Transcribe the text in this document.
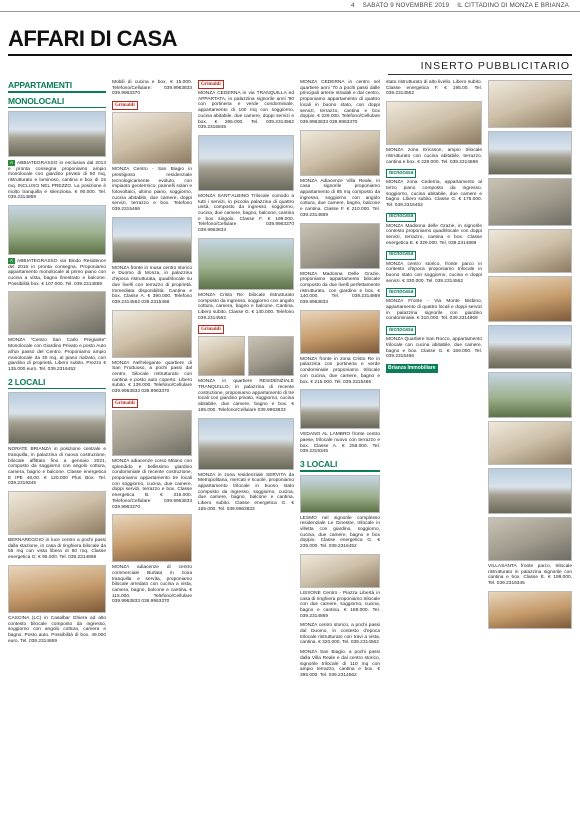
4 SABATO 9 NOVEMBRE 2019 IL CITTADINO DI MONZA E BRIANZA
AFFARI DI CASA
INSERTO PUBBLICITARIO
APPARTAMENTI
MONOLOCALI
A ABBIATEGRASSO in esclusiva dal 2013 e pronta consegna proponiamo ampio monolocale con giardino privato di 50 mq, ristrutturato e luminoso, cantina e box di 15 mq. INCLUSO NEL PREZZO. La posizione è molto tranquilla e silenziosa. € 90.000. Tel. 039.2314869
A ABBIATEGRASSO via Bindo Residence del 2015 in pronta consegna. Proponiamo appartamento monolocale al primo piano con cucina a vista, bagno finestrato e balcone. Possibilità box. € 107.000. Tel. 039.2314869
MONZA "Centro San Carlo Pregiante" Monolocale con Giardino Privato e posto Auto all'un passo del Centro. Proponiamo ampio monolocale da 40 mq, al piano rialzato, con giardino di proprietà. Libero subito. Prezzo € 135.000 euro. Tel. 039.2316452
2 LOCALI
NORATE BRIANZA in posizione centrale e tranquilla, in palazzina di nuova costruzione, bilocale affittato fino a gennaio 2021, composto da soggiorno con angolo cottura, camera, bagno e balcone. Classe energetica E IPE 48,00. € 120.000 Plus Box. Tel. 039.2319345
BERNAREGGIO in luce centro a pochi passi dalla stazione, in casa di ringhiera bilocale da 55 mq con vista libera di 60 mq. Classe energetica G. € 95.000. Tel. 039.2314869
CASCINA (LC) in Casalbar Ghiera ad alto contesto bilocale composto da ingresso, soggiorno con angolo cottura, camera e bagno. Posto auto. Possibilità di box. 49.000 euro. Tel. 039.2314869
Mobili di cucina e box. € 15.000. Telefono/Cellulare: 039.9963833 039.9963370
Grimaldi
MONZA Centro - San Biagio in prestigioso residenziale tecnologicamente evoluto, con impianto geotermico, pannelli solari e fotovoltaici, ultimo piano, soggiorno, cucina abitabile, due camere, doppi servizi, terrazzo e box. Telefono 039.2315466
MONZA fronte in musa centro storico e Duomo di Monza, in palazzina d'epoca ristrutturata, quadrilocale su due livelli con terrazzo di proprietà. Immediata disponibilità. Cantina e box. Classe A. € 390.000. Telefono 039.2314562 039.2315468
MONZA Nell'elegante quartiere di San Fruttuoso, a pochi passi dal centro, bilocale ristrutturato con cantina e posto auto coperto. Libero subito. € 139.000. Telefono/Cellulare 039.9963833 039.9963370
Grimaldi
MONZA adiacenze corso Milano con splendido e bellissimo giardino condominiale di recente costruzione, proponiamo appartamento tre locali con soggiorno, cucina, due camere, doppi servizi, terrazzo e box. Classe energetica B. € 315.000. Telefono/Cellulare 039.9963833 039.9963370
MONZA adiacenze di centro commerciale Burlata in zona tranquilla e servita, proponiamo bilocale arredato con cucina a vista, camera, bagno, balcone e cantina. € 115.000. Telefono/Cellulare 039.9963833 039.9963370
Grimaldi
MONZA CEDERNA in via TRANQUILLA ed APPARTATA, in palazzina signorile anni '90 con portineria e verde condominiale, appartamento di 100 mq con soggiorno, cucina abitabile, due camere, doppi servizi e box. € 265.000. Tel. 039.2314562 039.2316845
MONZA SANT'ALBINO Trilocale comodo a tutti i servizi, in piccola palazzina di quattro unità, composto da ingresso, soggiorno, cucina, due camere, bagno, balcone, cantina e box singolo. Classe F. € 199.000. Telefono/Cellulare 039.9963370 039.9963833
MONZA Cristo Re: bilocale ristrutturato composto da ingresso, soggiorno con angolo cottura, camera, bagno e balcone. Cantina. Libero subito. Classe G. € 140.000. Telefono 039.2314562
Grimaldi
MONZA in quartiere RESIDENZIALE TRANQUILLO, in palazzina di recente costruzione, proponiamo appartamento di tre locali con giardino privato, soggiorno, cucina abitabile, due camere, bagno e box. € 185.000. Telefono/Cellulare 039.9963833
MONZA in zona residenziale SERVITA da Metropolitana, mercati e scuole, proponiamo appartamento trilocale in buono stato composto da ingresso, soggiorno, cucina, due camere, bagno, balcone e cantina. Libero subito. Classe energetica G. € 165.000. Tel. 039.9963833
MONZA CEDERNA in centro nel quartiere anni '70 a pochi passi dalle principali arterie stradali e dal centro, proponiamo appartamento di quattro locali in buono stato, con doppi servizi, terrazzo, cantina e box doppio. € 229.000. Telefono/Cellulare 039.9963833 039.9963370
MONZA Adiacenze Villa Reale, in casa signorile proponiamo appartamento di 85 mq composto da ingresso, soggiorno con angolo cottura, due camere, bagno, balcone e cantina. Classe F. € 210.000. Tel. 039.2314869
MONZA Madonna Delle Grazie, proponiamo appartamento bilocale composto da due livelli perfettamente ristrutturato, con giardino e box. € 140.000. Tel. 039.2314869 039.9963833
MONZA fronte in zona Cristo Re in palazzina con portineria e verde condominiale proponiamo trilocale con cucina, due camere, bagno e box. € 215.000. Tel. 039.2315466
VEDANO AL LAMBRO fronte centro paese, trilocale nuovo con terrazzo e box. Classe A. € 259.000. Tel. 039.2319345
3 LOCALI
LESMO nel signorile complesso residenziale Le Ginestre, trilocale in villetta con giardino, soggiorno, cucina, due camere, bagno e box doppio. Classe energetica G. € 239.000. Tel. 039.2316452
LISSONE Centro - Piazza Libertà in casa di ringhiera proponiamo trilocale con due camere, soggiorno, cucina, bagno e cantina. € 188.000. Tel. 039.2314869
MONZA centro storico, a pochi passi dal Duomo, in contesto d'epoca trilocale ristrutturato con travi a vista, cantina. € 320.000. Tel. 039.2314562
MONZA San Biagio, a pochi passi dalla Villa Reale e dal centro storico, signorile trilocale di 110 mq con ampio terrazzo, cantina e box. € 395.000. Tel. 039.2314562
stato ristrutturato di alto livello. Libero subito. Classe energetica F. € 195.00. Tel. 039.2314562
MONZA zona Ericsson, ampio trilocale ristrutturato con cucina abitabile, terrazzo, cantina e box. € 229.000. Tel. 039.2314869
tecnocasa
MONZA zona Cederna, appartamento al terzo piano composto da ingresso, soggiorno, cucina abitabile, due camere e bagno. Libero subito. Classe G. € 175.000. Tel. 039.2316452
tecnocasa
MONZA Madonna delle Grazie, in signorile contesto proponiamo quadrilocale con doppi servizi, terrazzo, cantina e box. Classe energetica E. € 329.000. Tel. 039.2314869
tecnocasa
MONZA centro storico, fronte parco in contesto d'epoca proponiamo trilocale in buono stato con soggiorno, cucina e doppi servizi. € 330.000. Tel. 039.2314562
tecnocasa
MONZA Fronte - Via Monte Bisbino, appartamento di quattro locali e doppi servizi in palazzina signorile con giardino condominiale. € 310.000. Tel. 039.2314869
tecnocasa
MONZA Quartiere San Rocco, appartamento trilocale con cucina abitabile, due camere, bagno e box. Classe G. € 159.000. Tel. 039.2315466
Brianza Immobiliare
VILLASANTA fronte parco, trilocale ristrutturato in palazzina signorile con cantina e box. Classe E. € 199.000. Tel. 039.2319345
